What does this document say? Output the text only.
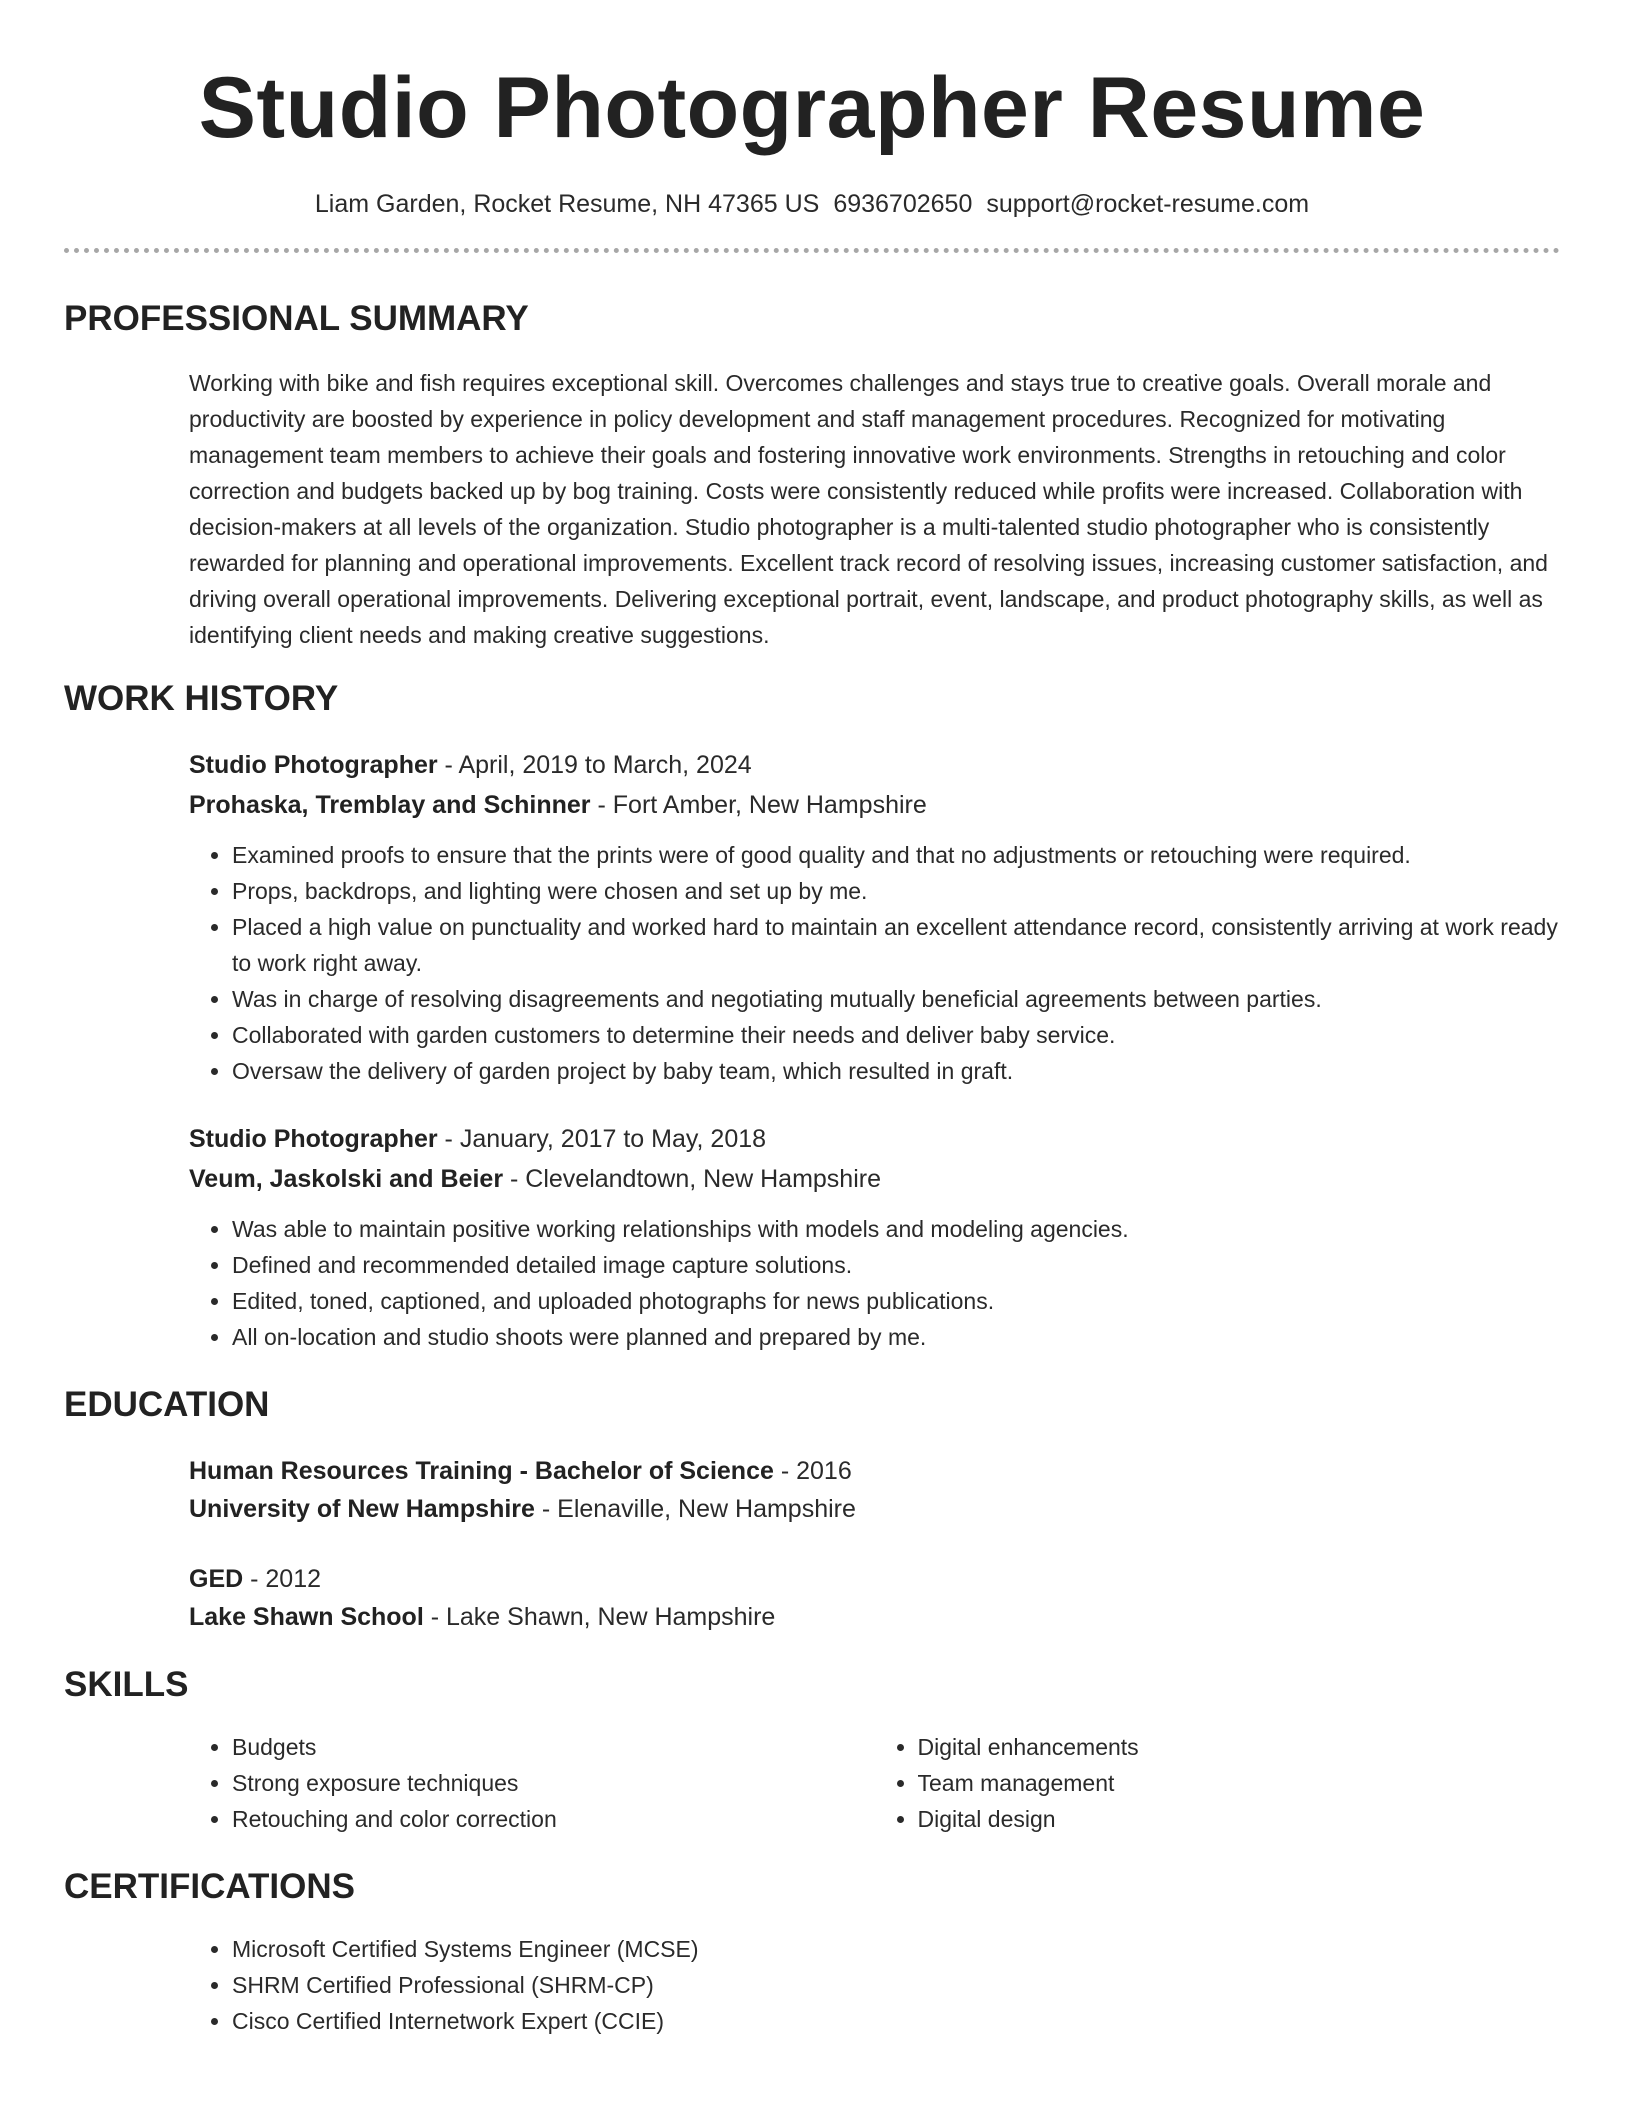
Studio Photographer Resume
Liam Garden, Rocket Resume, NH 47365 US 6936702650 support@rocket-resume.com
PROFESSIONAL SUMMARY

Working with bike and fish requires exceptional skill. Overcomes challenges and stays true to creative goals. Overall morale and productivity are boosted by experience in policy development and staff management procedures. Recognized for motivating management team members to achieve their goals and fostering innovative work environments. Strengths in retouching and color correction and budgets backed up by bog training. Costs were consistently reduced while profits were increased. Collaboration with decision-makers at all levels of the organization. Studio photographer is a multi-talented studio photographer who is consistently rewarded for planning and operational improvements. Excellent track record of resolving issues, increasing customer satisfaction, and driving overall operational improvements. Delivering exceptional portrait, event, landscape, and product photography skills, as well as identifying client needs and making creative suggestions.

WORK HISTORY
Studio Photographer - April, 2019 to March, 2024
Prohaska, Tremblay and Schinner - Fort Amber, New Hampshire
• Examined proofs to ensure that the prints were of good quality and that no adjustments or retouching were required.
• Props, backdrops, and lighting were chosen and set up by me.
• Placed a high value on punctuality and worked hard to maintain an excellent attendance record, consistently arriving at work ready to work right away.
• Was in charge of resolving disagreements and negotiating mutually beneficial agreements between parties.
• Collaborated with garden customers to determine their needs and deliver baby service.
• Oversaw the delivery of garden project by baby team, which resulted in graft.
Studio Photographer - January, 2017 to May, 2018
Veum, Jaskolski and Beier - Clevelandtown, New Hampshire
• Was able to maintain positive working relationships with models and modeling agencies.
• Defined and recommended detailed image capture solutions.
• Edited, toned, captioned, and uploaded photographs for news publications.
• All on-location and studio shoots were planned and prepared by me.
EDUCATION
Human Resources Training - Bachelor of Science - 2016
University of New Hampshire - Elenaville, New Hampshire
GED - 2012
Lake Shawn School - Lake Shawn, New Hampshire
SKILLS
• Budgets
• Strong exposure techniques
• Retouching and color correction
• Digital enhancements
• Team management
• Digital design
CERTIFICATIONS
• Microsoft Certified Systems Engineer (MCSE)
• SHRM Certified Professional (SHRM-CP)
• Cisco Certified Internetwork Expert (CCIE)
